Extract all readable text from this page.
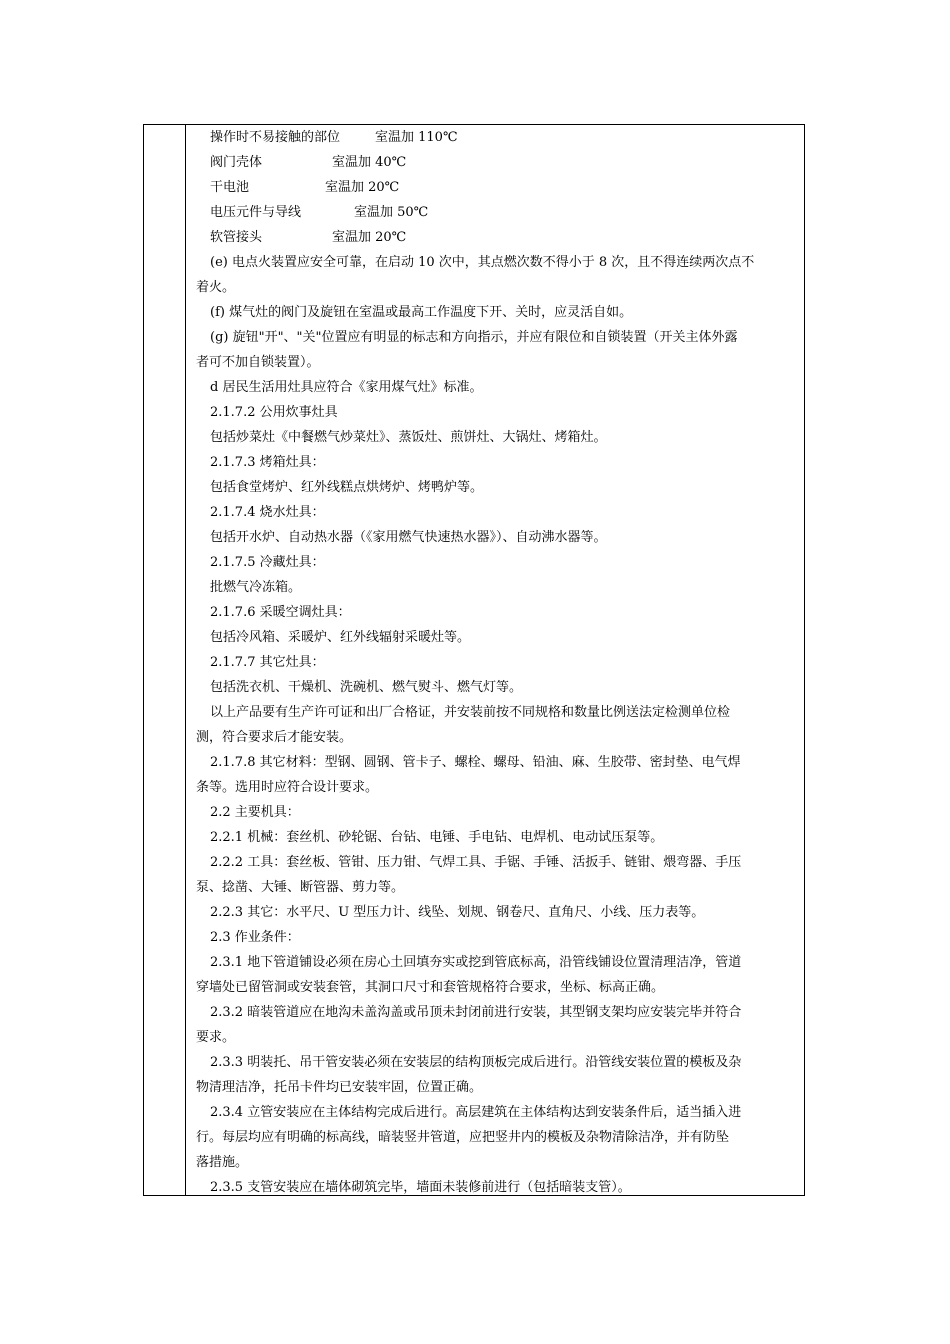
操作时不易接触的部位	室温加 110℃
阀门壳体	室温加 40℃
干电池	室温加 20℃
电压元件与导线	室温加 50℃
软管接头	室温加 20℃
(e) 电点火装置应安全可靠，在启动 10 次中，其点燃次数不得小于 8 次，且不得连续两次点不
着火。
(f) 煤气灶的阀门及旋钮在室温或最高工作温度下开、关时，应灵活自如。
(g) 旋钮"开"、"关"位置应有明显的标志和方向指示，并应有限位和自锁装置（开关主体外露
者可不加自锁装置）。
d 居民生活用灶具应符合《家用煤气灶》标准。
2.1.7.2 公用炊事灶具
包括炒菜灶《中餐燃气炒菜灶》、蒸饭灶、煎饼灶、大锅灶、烤箱灶。
2.1.7.3 烤箱灶具：
包括食堂烤炉、红外线糕点烘烤炉、烤鸭炉等。
2.1.7.4 烧水灶具：
包括开水炉、自动热水器（《家用燃气快速热水器》）、自动沸水器等。
2.1.7.5 冷藏灶具：
批燃气冷冻箱。
2.1.7.6 采暖空调灶具：
包括冷风箱、采暖炉、红外线辐射采暖灶等。
2.1.7.7 其它灶具：
包括洗衣机、干燥机、洗碗机、燃气熨斗、燃气灯等。
以上产品要有生产许可证和出厂合格证，并安装前按不同规格和数量比例送法定检测单位检
测，符合要求后才能安装。
2.1.7.8 其它材料：型钢、圆钢、管卡子、螺栓、螺母、铅油、麻、生胶带、密封垫、电气焊
条等。选用时应符合设计要求。
2.2 主要机具：
2.2.1 机械：套丝机、砂轮锯、台钻、电锤、手电钻、电焊机、电动试压泵等。
2.2.2 工具：套丝板、管钳、压力钳、气焊工具、手锯、手锤、活扳手、链钳、煨弯器、手压
泵、捻凿、大锤、断管器、剪力等。
2.2.3 其它：水平尺、U 型压力计、线坠、划规、钢卷尺、直角尺、小线、压力表等。
2.3 作业条件：
2.3.1 地下管道铺设必须在房心土回填夯实或挖到管底标高，沿管线铺设位置清理洁净，管道
穿墙处已留管洞或安装套管，其洞口尺寸和套管规格符合要求，坐标、标高正确。
2.3.2 暗装管道应在地沟未盖沟盖或吊顶未封闭前进行安装，其型钢支架均应安装完毕并符合
要求。
2.3.3 明装托、吊干管安装必须在安装层的结构顶板完成后进行。沿管线安装位置的模板及杂
物清理洁净，托吊卡件均已安装牢固，位置正确。
2.3.4 立管安装应在主体结构完成后进行。高层建筑在主体结构达到安装条件后，适当插入进
行。每层均应有明确的标高线，暗装竖井管道，应把竖井内的模板及杂物清除洁净，并有防坠
落措施。
2.3.5 支管安装应在墙体砌筑完毕，墙面未装修前进行（包括暗装支管）。
